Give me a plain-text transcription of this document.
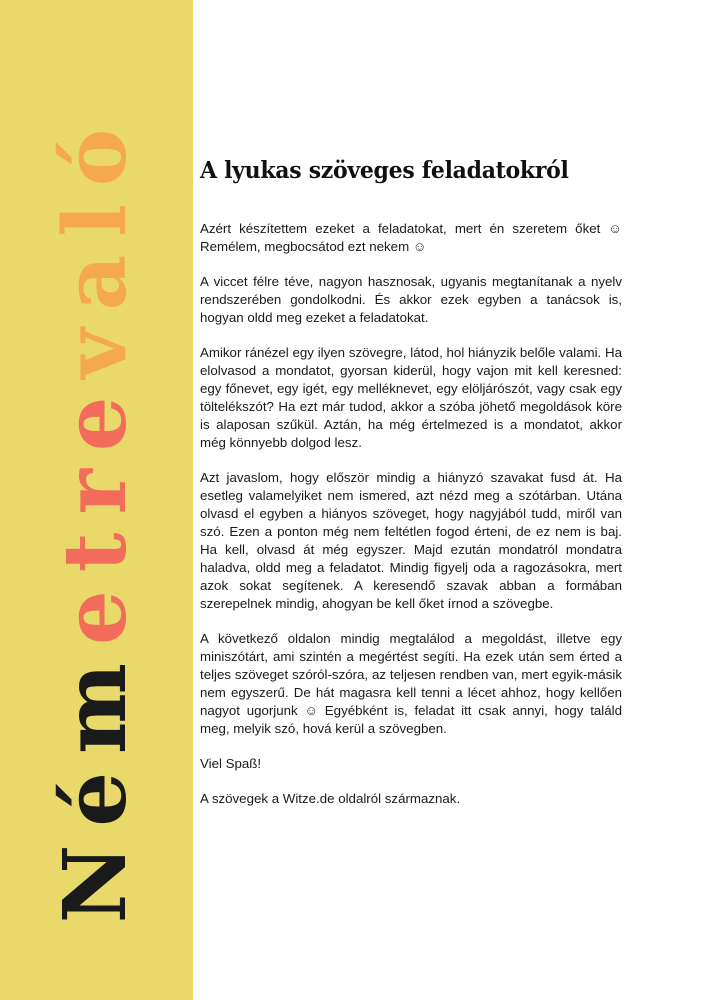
Németrevaló A lyukas szöveges feladatokról

Azért készítettem ezeket a feladatokat, mert én szeretem őket ☺ Remélem, megbocsátod ezt nekem ☺

A viccet félre téve, nagyon hasznosak, ugyanis megtanítanak a nyelv rendszerében gondolkodni. És akkor ezek egyben a tanácsok is, hogyan oldd meg ezeket a feladatokat.

Amikor ránézel egy ilyen szövegre, látod, hol hiányzik belőle valami. Ha elolvasod a mondatot, gyorsan kiderül, hogy vajon mit kell keresned: egy főnevet, egy igét, egy melléknevet, egy elöljárószót, vagy csak egy töltelékszót? Ha ezt már tudod, akkor a szóba jöhető megoldások köre is alaposan szűkül. Aztán, ha még értelmezed is a mondatot, akkor még könnyebb dolgod lesz.

Azt javaslom, hogy először mindig a hiányzó szavakat fusd át. Ha esetleg valamelyiket nem ismered, azt nézd meg a szótárban. Utána olvasd el egyben a hiányos szöveget, hogy nagyjából tudd, miről van szó. Ezen a ponton még nem feltétlen fogod érteni, de ez nem is baj. Ha kell, olvasd át még egyszer. Majd ezután mondatról mondatra haladva, oldd meg a feladatot. Mindig figyelj oda a ragozásokra, mert azok sokat segítenek. A keresendő szavak abban a formában szerepelnek mindig, ahogyan be kell őket írnod a szövegbe.

A következő oldalon mindig megtalálod a megoldást, illetve egy miniszótárt, ami szintén a megértést segíti. Ha ezek után sem érted a teljes szöveget szóról-szóra, az teljesen rendben van, mert egyik-másik nem egyszerű. De hát magasra kell tenni a lécet ahhoz, hogy kellően nagyot ugorjunk ☺ Egyébként is, feladat itt csak annyi, hogy találd meg, melyik szó, hová kerül a szövegben.

Viel Spaß!

A szövegek a Witze.de oldalról származnak.
